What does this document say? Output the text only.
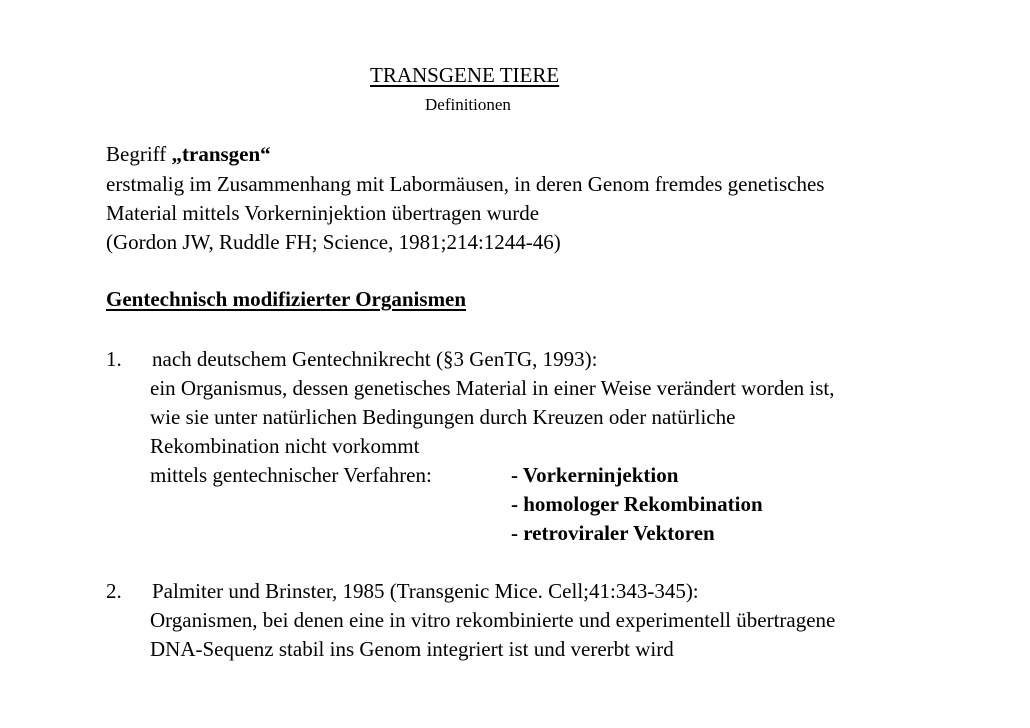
TRANSGENE TIERE
Definitionen
Begriff „transgen“
erstmalig im Zusammenhang mit Labormäusen, in deren Genom fremdes genetisches
Material mittels Vorkerninjektion übertragen wurde
(Gordon JW, Ruddle FH; Science, 1981;214:1244-46)
Gentechnisch modifizierter Organismen
1. nach deutschem Gentechnikrecht (§3 GenTG, 1993):
ein Organismus, dessen genetisches Material in einer Weise verändert worden ist,
wie sie unter natürlichen Bedingungen durch Kreuzen oder natürliche
Rekombination nicht vorkommt
mittels gentechnischer Verfahren:	- Vorkerninjektion
- homologer Rekombination
- retroviraler Vektoren
2. Palmiter und Brinster, 1985 (Transgenic Mice. Cell;41:343-345):
Organismen, bei denen eine in vitro rekombinierte und experimentell übertragene
DNA-Sequenz stabil ins Genom integriert ist und vererbt wird
